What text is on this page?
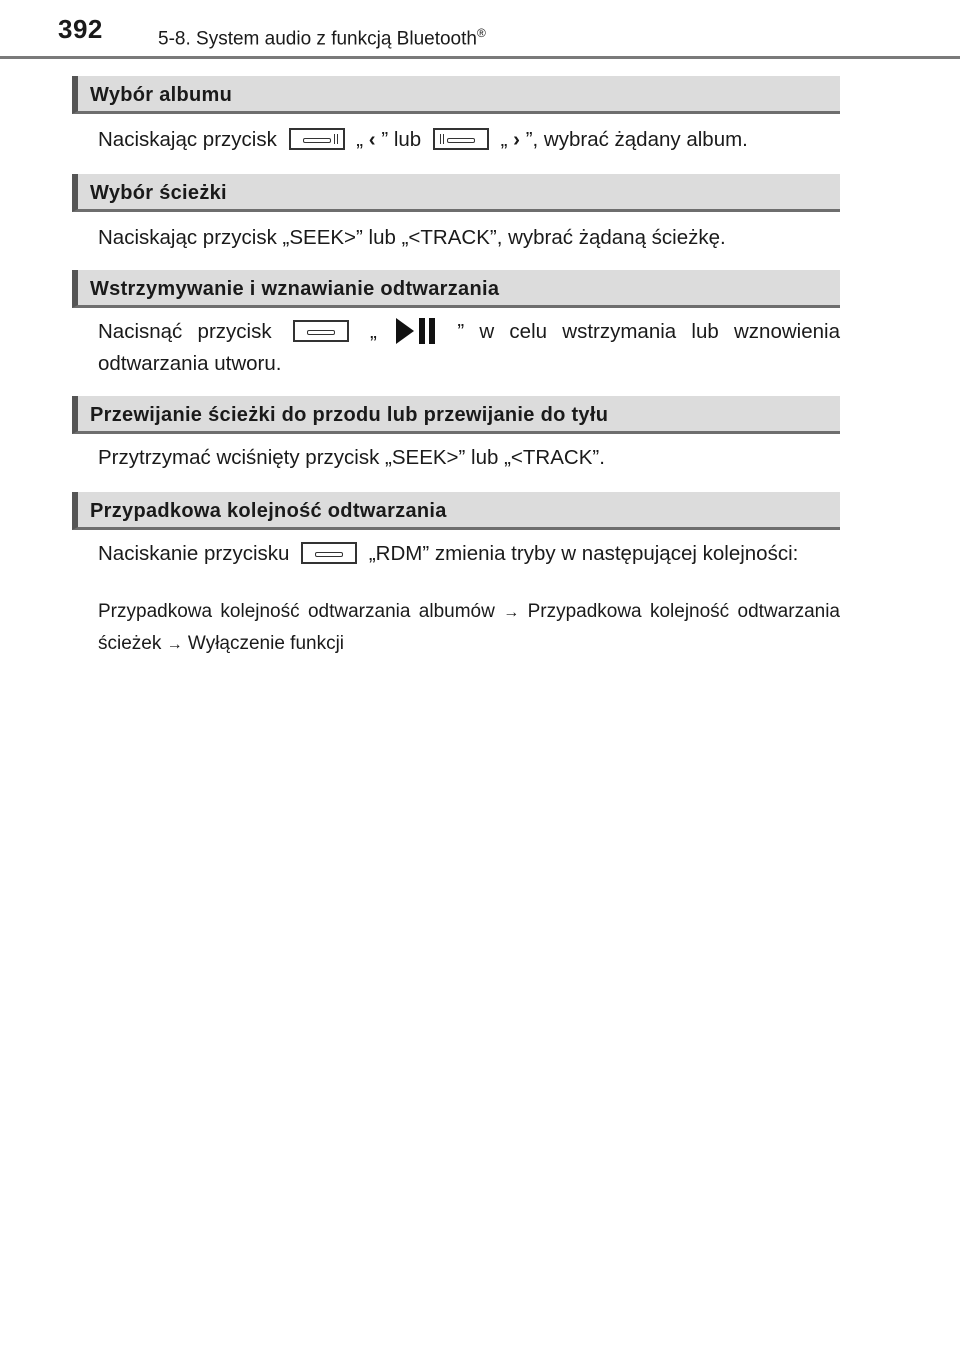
392	5-8. System audio z funkcją Bluetooth®
Wybór albumu
Naciskając przycisk	„ ‹ ” lub	„ › ”, wybrać żądany album.
Wybór ścieżki
Naciskając przycisk „SEEK>” lub „<TRACK”, wybrać żądaną ścieżkę.
Wstrzymywanie i wznawianie odtwarzania
Nacisnąć przycisk	„	” w celu wstrzymania lub wznowienia odtwarzania utworu.
Przewijanie ścieżki do przodu lub przewijanie do tyłu
Przytrzymać wciśnięty przycisk „SEEK>” lub „<TRACK”.
Przypadkowa kolejność odtwarzania
Naciskanie przycisku	„RDM” zmienia tryby w następującej kolejności:
Przypadkowa kolejność odtwarzania albumów → Przypadkowa kolejność odtwarzania ścieżek → Wyłączenie funkcji
